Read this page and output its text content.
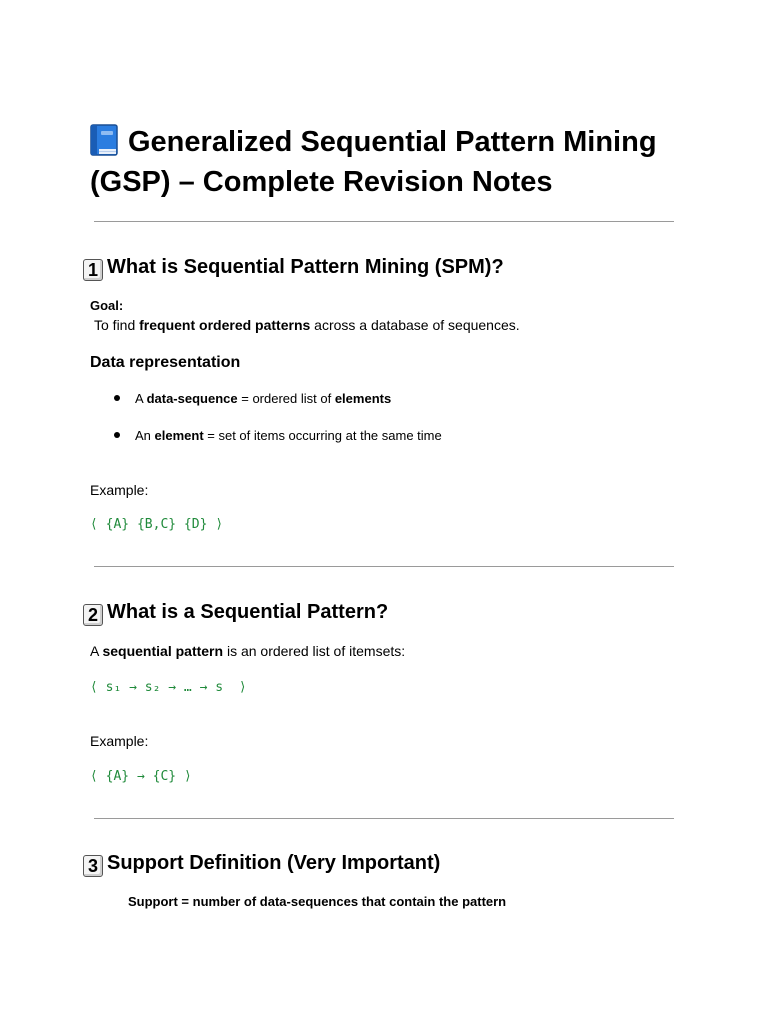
Generalized Sequential Pattern Mining (GSP) – Complete Revision Notes
1 What is Sequential Pattern Mining (SPM)?

Goal:

To find frequent ordered patterns across a database of sequences.

Data representation

A data-sequence = ordered list of elements

An element = set of items occurring at the same time

Example:

⟨ {A} {B,C} {D} ⟩

2 What is a Sequential Pattern?

A sequential pattern is an ordered list of itemsets:

⟨ s₁ → s₂ → … → s  ⟩

Example:

⟨ {A} → {C} ⟩

3 Support Definition (Very Important)

Support = number of data-sequences that contain the pattern
